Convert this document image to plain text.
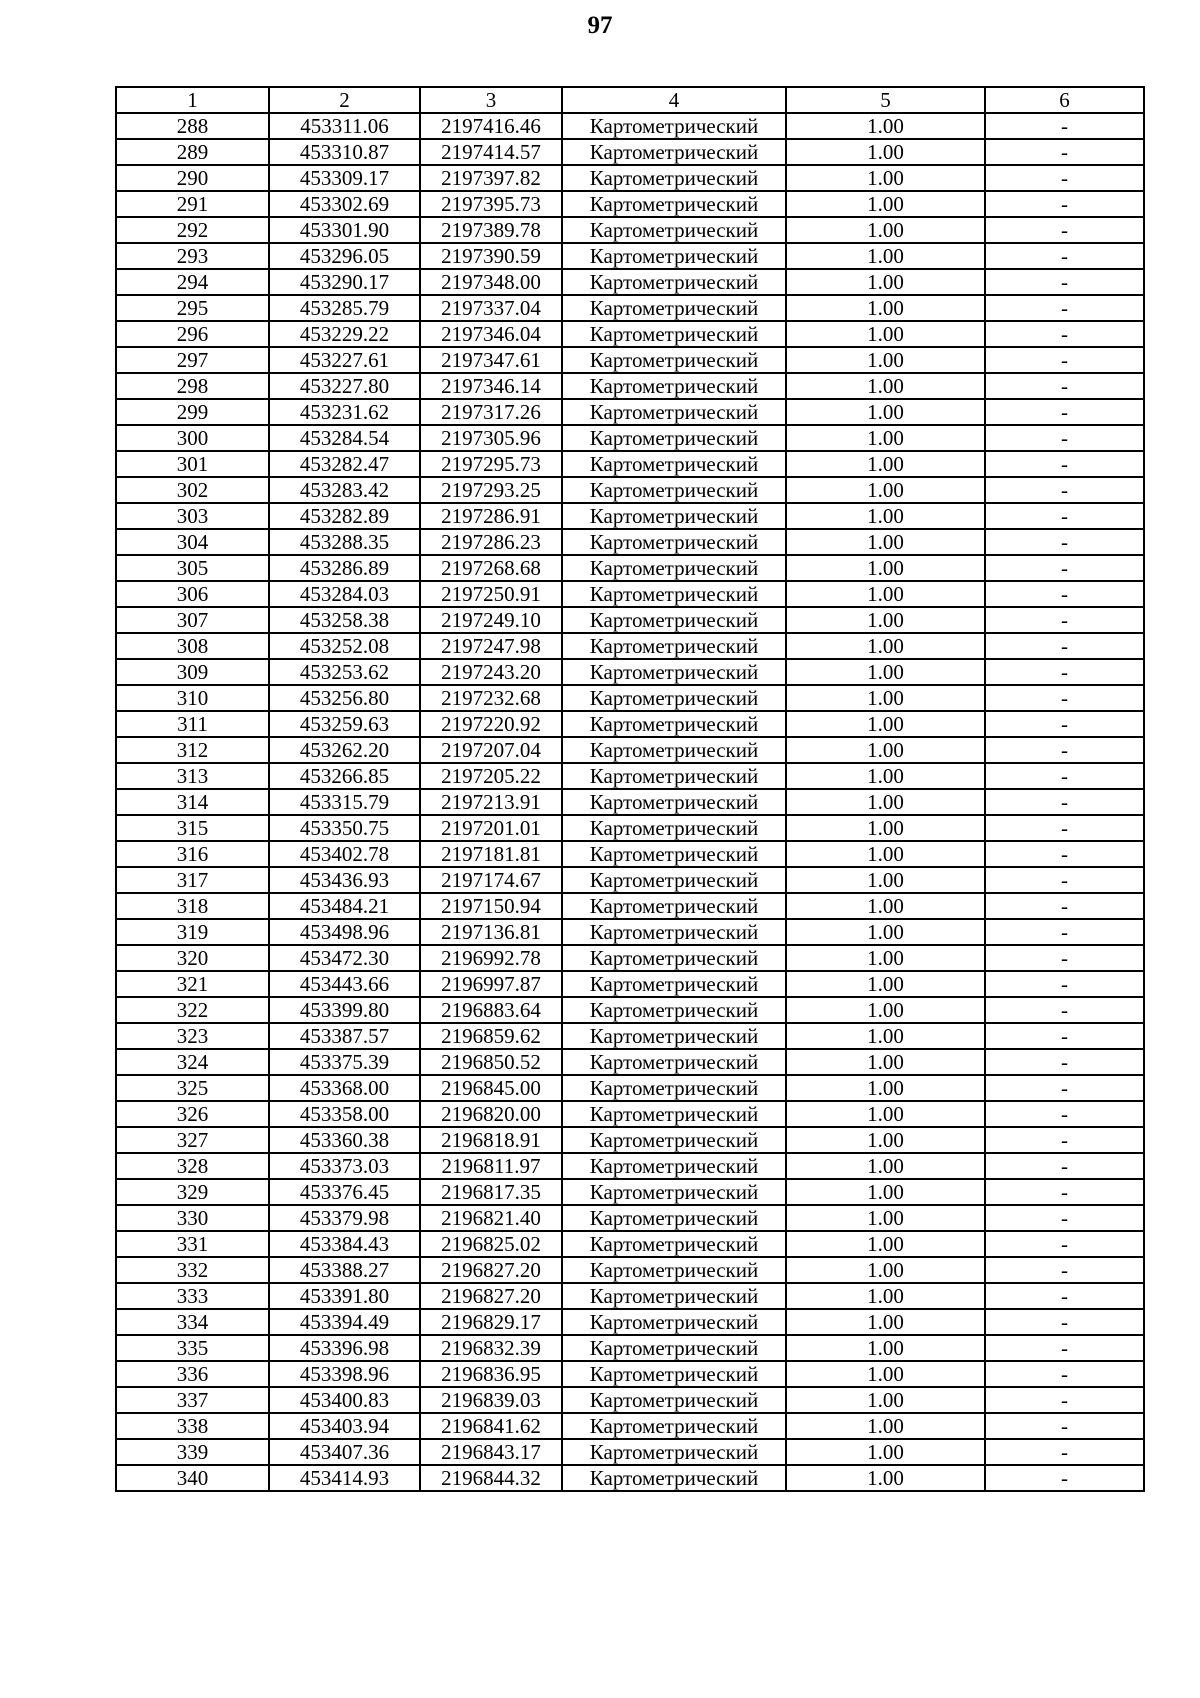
97
1	2	3	4	5	6
288	453311.06	2197416.46	Картометрический	1.00	-
289	453310.87	2197414.57	Картометрический	1.00	-
290	453309.17	2197397.82	Картометрический	1.00	-
291	453302.69	2197395.73	Картометрический	1.00	-
292	453301.90	2197389.78	Картометрический	1.00	-
293	453296.05	2197390.59	Картометрический	1.00	-
294	453290.17	2197348.00	Картометрический	1.00	-
295	453285.79	2197337.04	Картометрический	1.00	-
296	453229.22	2197346.04	Картометрический	1.00	-
297	453227.61	2197347.61	Картометрический	1.00	-
298	453227.80	2197346.14	Картометрический	1.00	-
299	453231.62	2197317.26	Картометрический	1.00	-
300	453284.54	2197305.96	Картометрический	1.00	-
301	453282.47	2197295.73	Картометрический	1.00	-
302	453283.42	2197293.25	Картометрический	1.00	-
303	453282.89	2197286.91	Картометрический	1.00	-
304	453288.35	2197286.23	Картометрический	1.00	-
305	453286.89	2197268.68	Картометрический	1.00	-
306	453284.03	2197250.91	Картометрический	1.00	-
307	453258.38	2197249.10	Картометрический	1.00	-
308	453252.08	2197247.98	Картометрический	1.00	-
309	453253.62	2197243.20	Картометрический	1.00	-
310	453256.80	2197232.68	Картометрический	1.00	-
311	453259.63	2197220.92	Картометрический	1.00	-
312	453262.20	2197207.04	Картометрический	1.00	-
313	453266.85	2197205.22	Картометрический	1.00	-
314	453315.79	2197213.91	Картометрический	1.00	-
315	453350.75	2197201.01	Картометрический	1.00	-
316	453402.78	2197181.81	Картометрический	1.00	-
317	453436.93	2197174.67	Картометрический	1.00	-
318	453484.21	2197150.94	Картометрический	1.00	-
319	453498.96	2197136.81	Картометрический	1.00	-
320	453472.30	2196992.78	Картометрический	1.00	-
321	453443.66	2196997.87	Картометрический	1.00	-
322	453399.80	2196883.64	Картометрический	1.00	-
323	453387.57	2196859.62	Картометрический	1.00	-
324	453375.39	2196850.52	Картометрический	1.00	-
325	453368.00	2196845.00	Картометрический	1.00	-
326	453358.00	2196820.00	Картометрический	1.00	-
327	453360.38	2196818.91	Картометрический	1.00	-
328	453373.03	2196811.97	Картометрический	1.00	-
329	453376.45	2196817.35	Картометрический	1.00	-
330	453379.98	2196821.40	Картометрический	1.00	-
331	453384.43	2196825.02	Картометрический	1.00	-
332	453388.27	2196827.20	Картометрический	1.00	-
333	453391.80	2196827.20	Картометрический	1.00	-
334	453394.49	2196829.17	Картометрический	1.00	-
335	453396.98	2196832.39	Картометрический	1.00	-
336	453398.96	2196836.95	Картометрический	1.00	-
337	453400.83	2196839.03	Картометрический	1.00	-
338	453403.94	2196841.62	Картометрический	1.00	-
339	453407.36	2196843.17	Картометрический	1.00	-
340	453414.93	2196844.32	Картометрический	1.00	-
